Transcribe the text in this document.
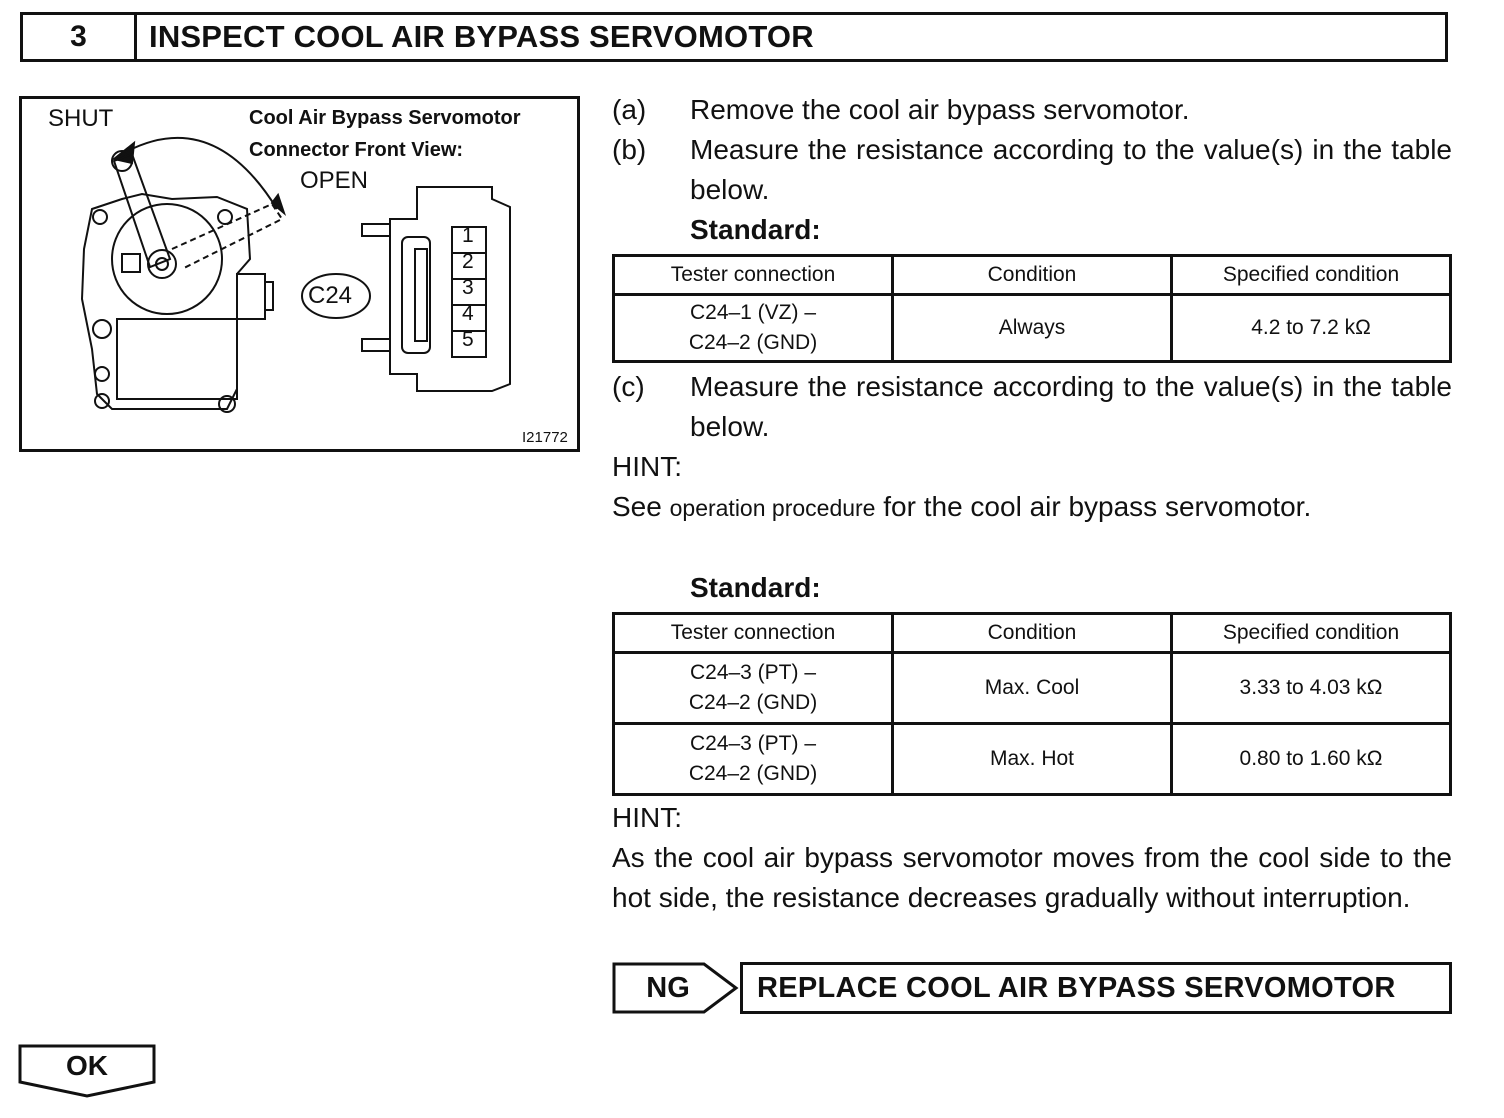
3	INSPECT COOL AIR BYPASS SERVOMOTOR
SHUT
OPEN
Cool Air Bypass Servomotor
Connector Front View:
C24
1
2
3
4
5
I21772
(a)	Remove the cool air bypass servomotor.
(b)	Measure the resistance according to the value(s) in the table below.
Standard:
Tester connection	Condition	Specified condition

C24–1 (VZ) –
C24–2 (GND)	Always	4.2 to 7.2 kΩ
(c)	Measure the resistance according to the value(s) in the table below.
HINT:
See operation procedure for the cool air bypass servomotor.
Standard:
Tester connection	Condition	Specified condition

C24–3 (PT) –
C24–2 (GND)	Max. Cool	3.33 to 4.03 kΩ

C24–3 (PT) –
C24–2 (GND)	Max. Hot	0.80 to 1.60 kΩ
HINT:
As the cool air bypass servomotor moves from the cool side to the hot side, the resistance decreases gradually without interruption.
NG	REPLACE COOL AIR BYPASS SERVOMOTOR
OK
